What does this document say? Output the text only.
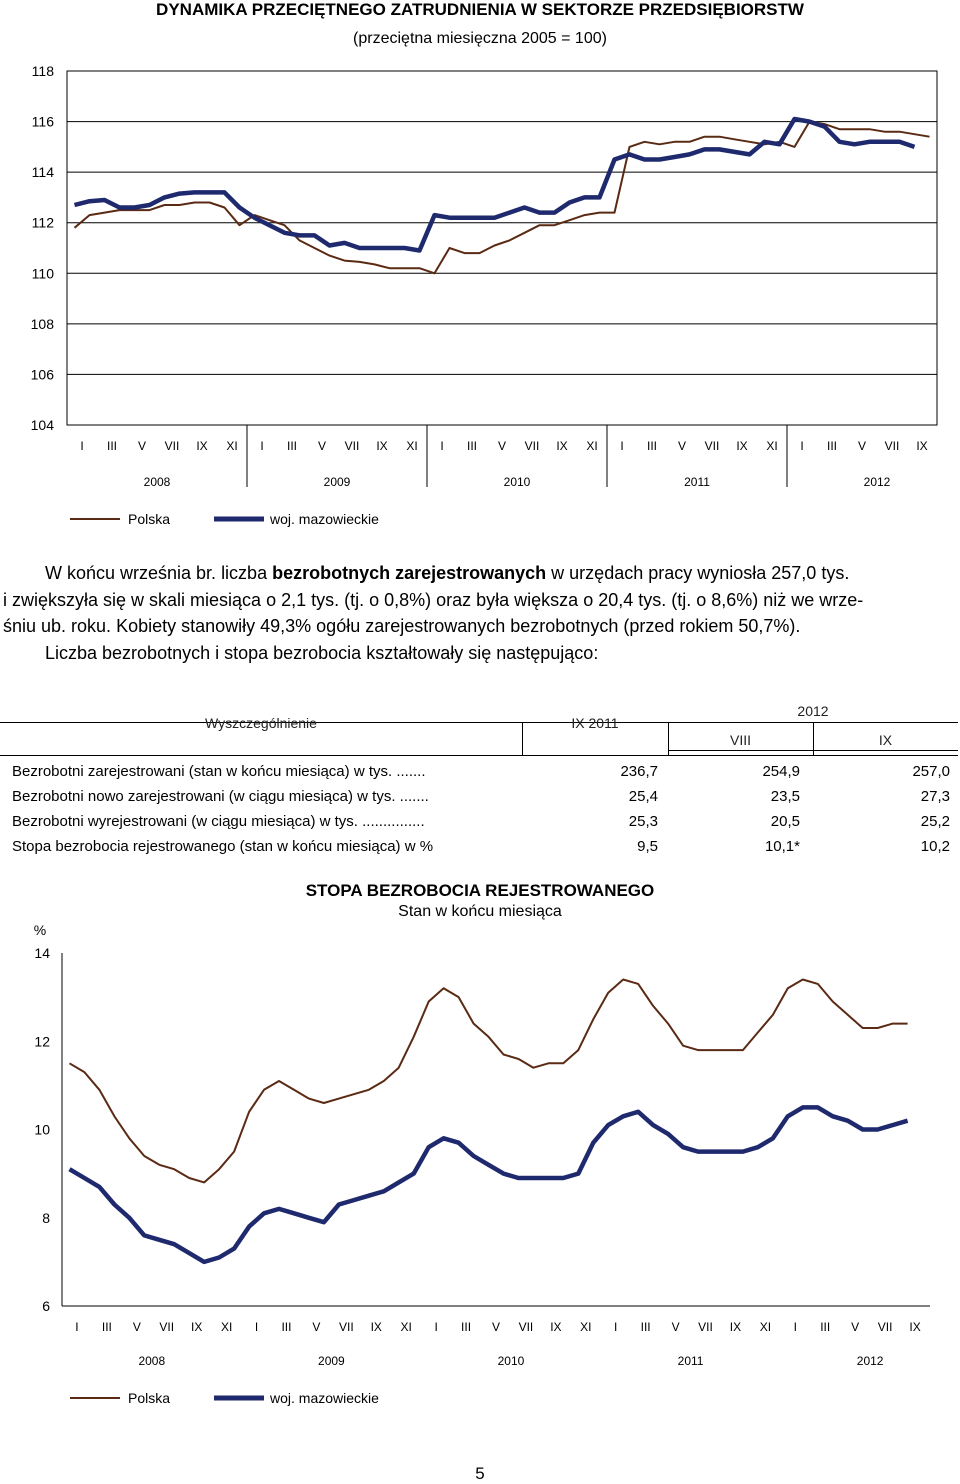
DYNAMIKA PRZECIĘTNEGO ZATRUDNIENIA W SEKTORZE PRZEDSIĘBIORSTW
(przeciętna miesięczna 2005 = 100)
104
106
108
110
112
114
116
118
I III V VII IX XI I III V VII IX XI I III V VII IX XI I III V VII IX XI I III V VII IX
2008	2009	2010	2011	2012
Polska	woj. mazowieckie

W końcu września br. liczba bezrobotnych zarejestrowanych w urzędach pracy wyniosła 257,0 tys.

i zwiększyła się w skali miesiąca o 2,1 tys. (tj. o 0,8%) oraz była większa o 20,4 tys. (tj. o 8,6%) niż we wrze-

śniu ub. roku. Kobiety stanowiły 49,3% ogółu zarejestrowanych bezrobotnych (przed rokiem 50,7%).

Liczba bezrobotnych i stopa bezrobocia kształtowały się następująco:

Wyszczególnienie	IX 2011
2012
VIII	IX
Bezrobotni zarejestrowani (stan w końcu miesiąca) w tys. .......	236,7	254,9	257,0
Bezrobotni nowo zarejestrowani (w ciągu miesiąca) w tys. .......	25,4	23,5	27,3
Bezrobotni wyrejestrowani (w ciągu miesiąca) w tys. ...............	25,3	20,5	25,2
Stopa bezrobocia rejestrowanego (stan w końcu miesiąca) w %	9,5	10,1*	10,2
STOPA BEZROBOCIA REJESTROWANEGO
Stan w końcu miesiąca
6
8
10
12
14
I III V VII IX XI I III V VII IX XI I III V VII IX XI I III V VII IX XI I III V VII IX
2008	2009	2010	2011	2012
Polska	woj. mazowieckie
%
5
